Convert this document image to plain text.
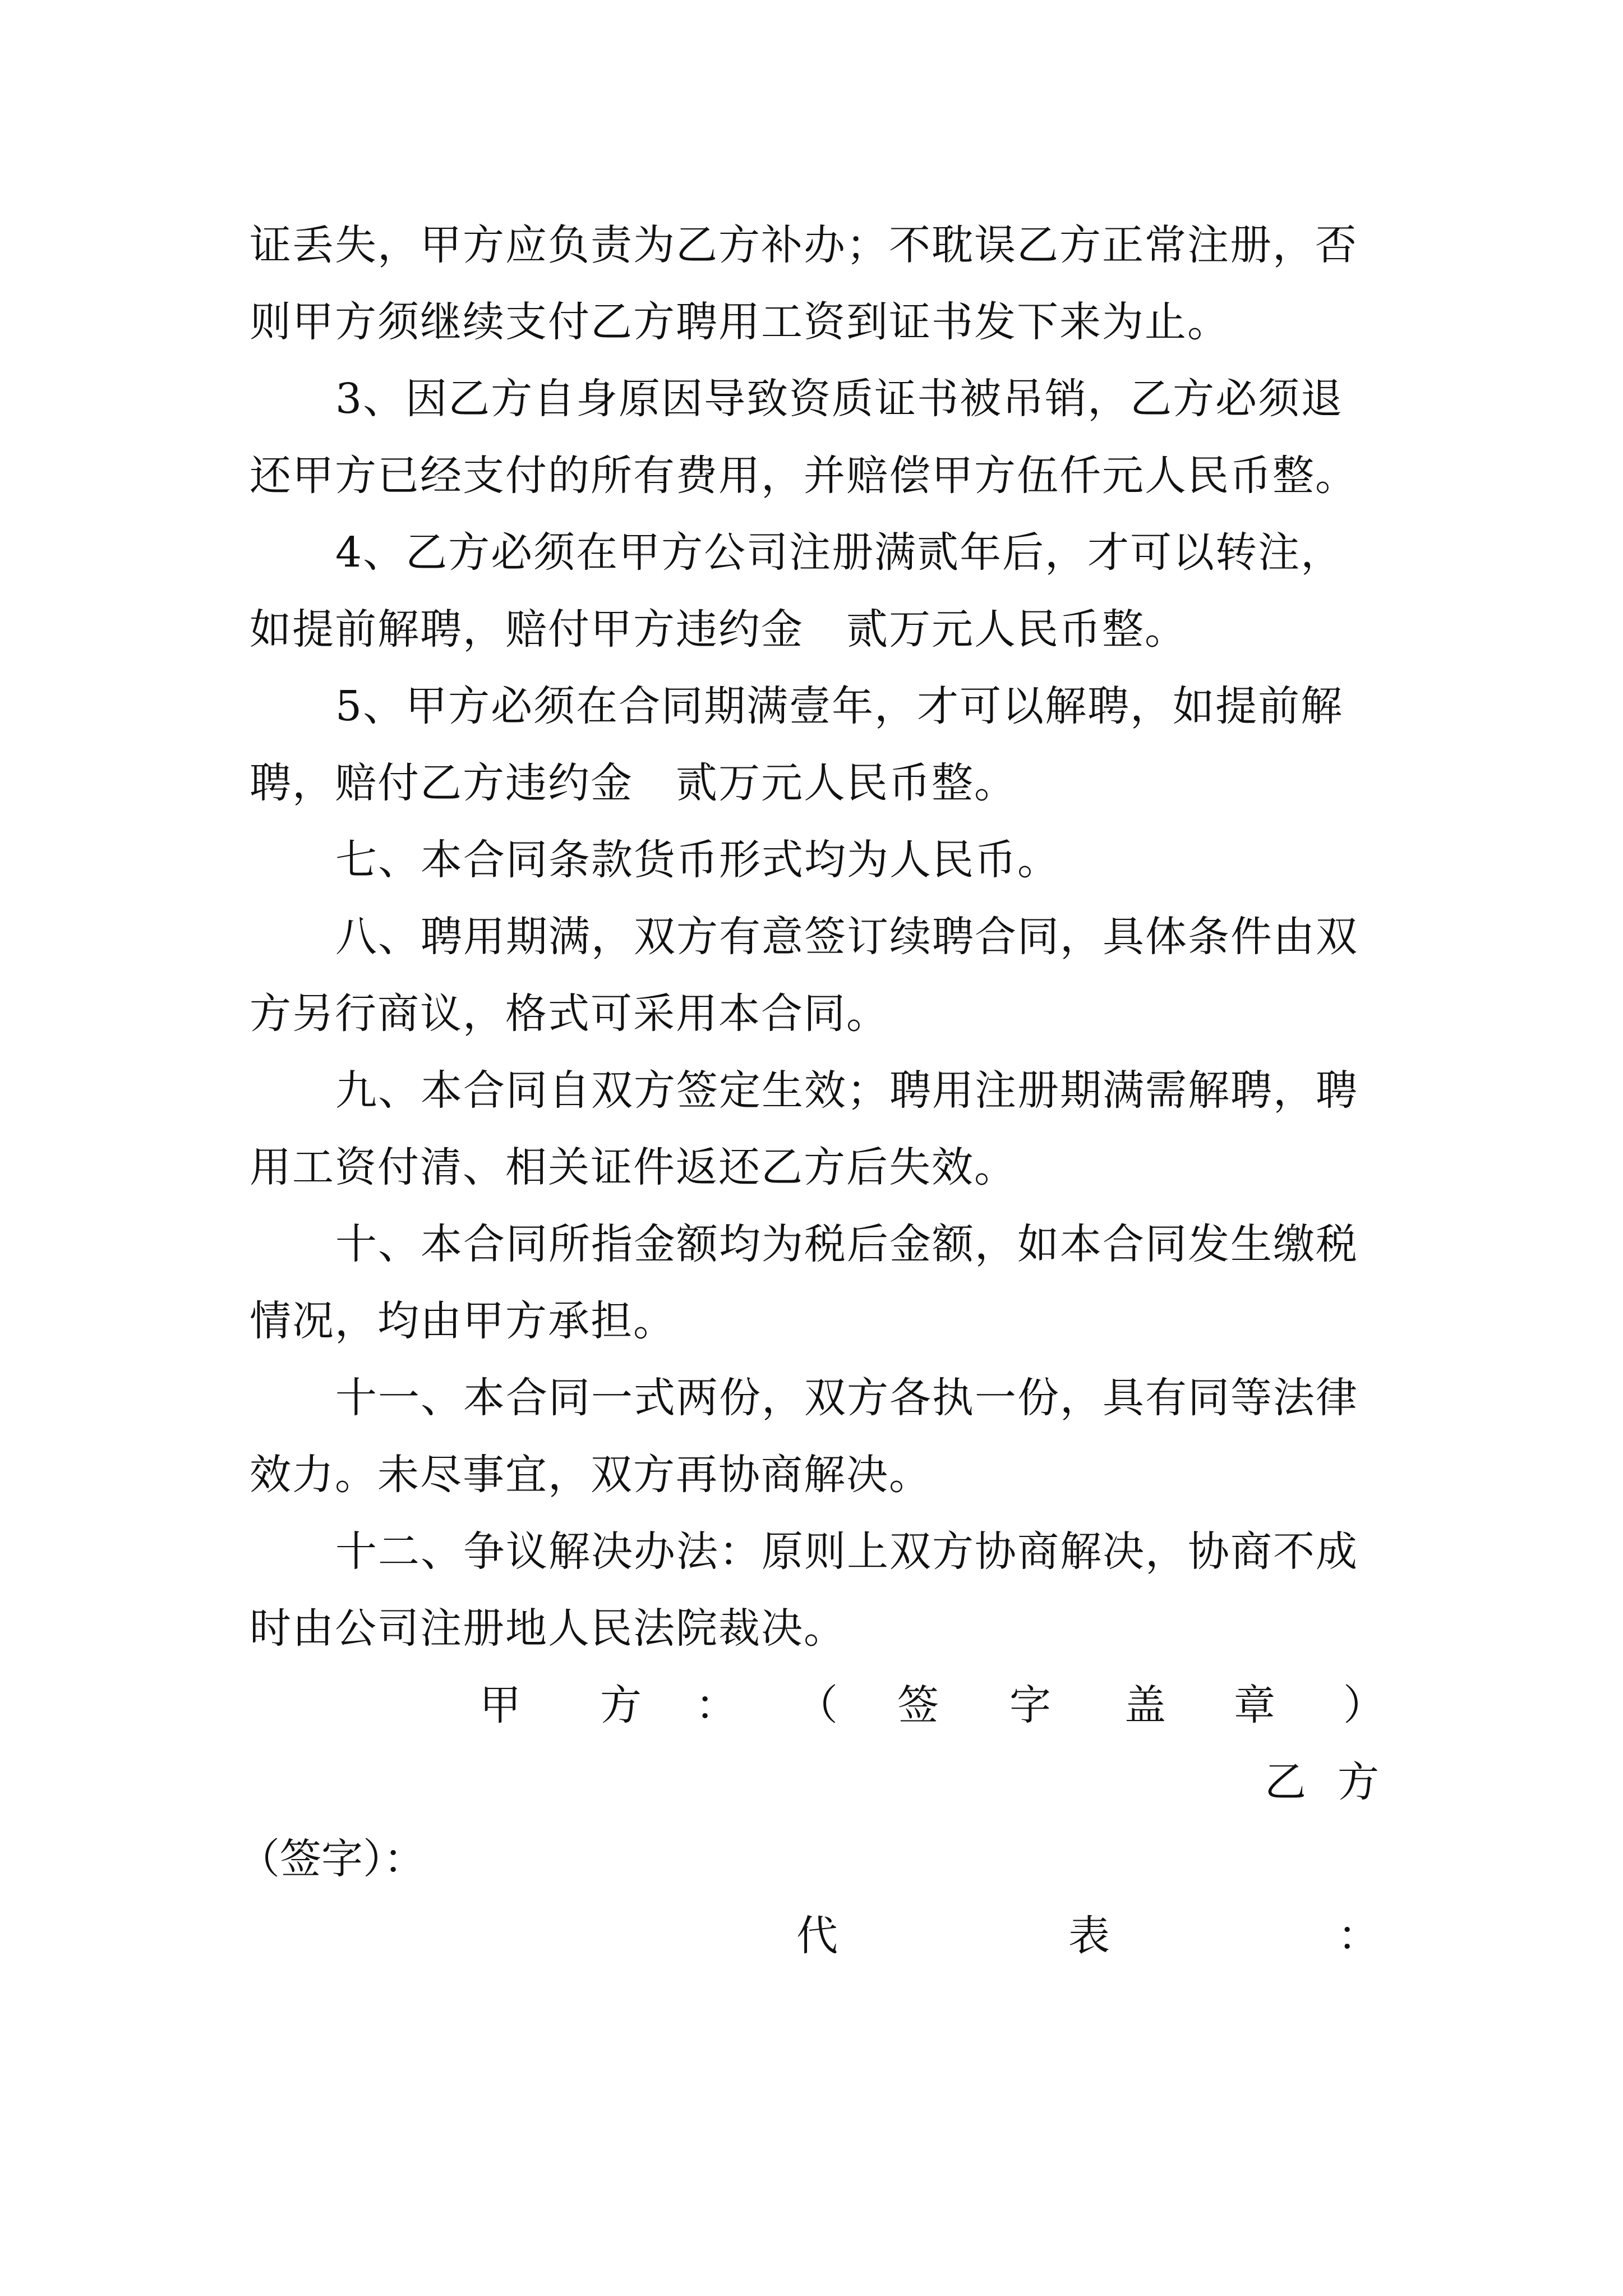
证丢失，甲方应负责为乙方补办；不耽误乙方正常注册，否
则甲方须继续支付乙方聘用工资到证书发下来为止。
3、因乙方自身原因导致资质证书被吊销，乙方必须退
还甲方已经支付的所有费用，并赔偿甲方伍仟元人民币整。
4、乙方必须在甲方公司注册满贰年后，才可以转注，
如提前解聘，赔付甲方违约金　贰万元人民币整。
5、甲方必须在合同期满壹年，才可以解聘，如提前解
聘，赔付乙方违约金　贰万元人民币整。
七、本合同条款货币形式均为人民币。
八、聘用期满，双方有意签订续聘合同，具体条件由双
方另行商议，格式可采用本合同。
九、本合同自双方签定生效；聘用注册期满需解聘，聘
用工资付清、相关证件返还乙方后失效。
十、本合同所指金额均为税后金额，如本合同发生缴税
情况，均由甲方承担。
十一、本合同一式两份，双方各执一份，具有同等法律
效力。未尽事宜，双方再协商解决。
十二、争议解决办法：原则上双方协商解决，协商不成
时由公司注册地人民法院裁决。
甲 方 ： （ 签 字 盖 章 ）
乙 方
（签字）：
代	表	：
